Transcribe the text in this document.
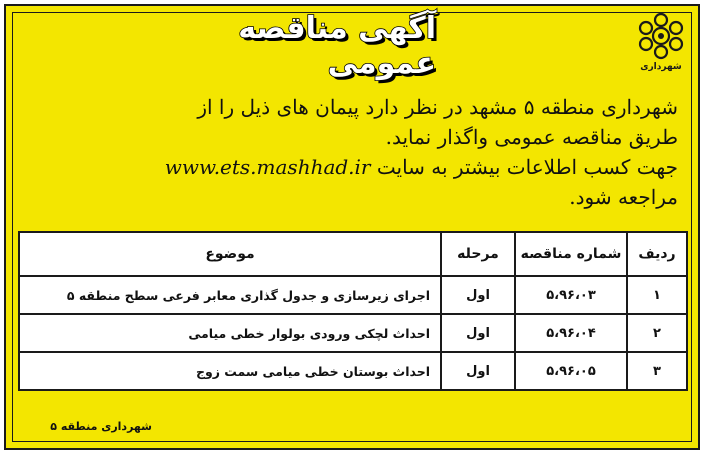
شهرداری
آگهی مناقصه عمومی

شهرداری منطقه ۵ مشهد در نظر دارد پیمان های ذیل را از

طریق مناقصه عمومی واگذار نماید.

جهت کسب اطلاعات بیشتر به سایت www.ets.mashhad.ir

مراجعه شود.

ردیف	شماره مناقصه	مرحله	موضوع
۱	۵،۹۶،۰۳	اول	اجرای زیرسازی و جدول گذاری معابر فرعی سطح منطقه ۵
۲	۵،۹۶،۰۴	اول	احداث لچکی ورودی بولوار خطی میامی
۳	۵،۹۶،۰۵	اول	احداث بوستان خطی میامی سمت زوج
شهرداری منطقه ۵
